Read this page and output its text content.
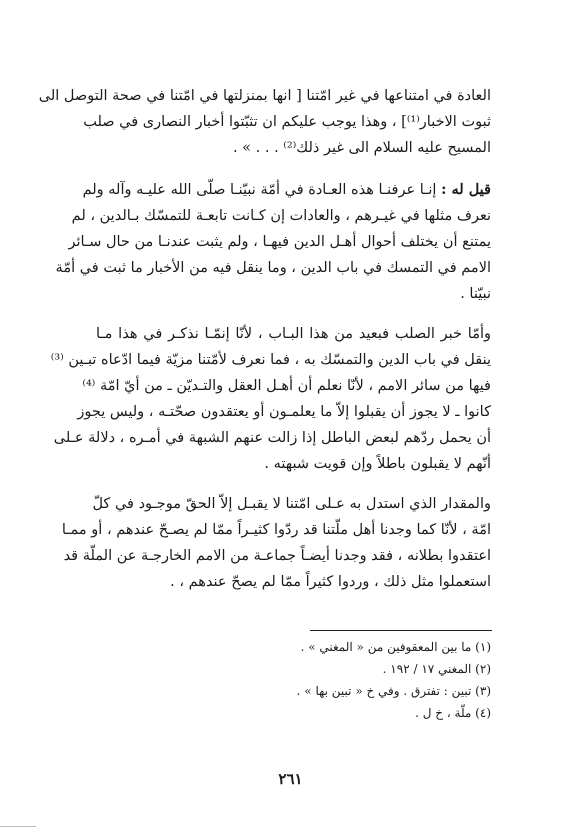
العادة في امتناعها في غير امّتنا [ انها بمنزلتها في امّتنا في صحة التوصل الى
ثبوت الاخبار⁽¹⁾] ، وهذا يوجب عليكم ان تثبّتوا أخبار النصارى في صلب
المسيح عليه السلام الى غير ذلك⁽²⁾ . . . » .
قيل له : إنـا عرفنـا هذه العـادة في أمّة نبيّنـا صلّى الله عليـه وآله ولم
نعرف مثلها في غيـرهم ، والعادات إن كـانت تابعـة للتمسّك بـالدين ، لم
يمتنع أن يختلف أحوال أهـل الدين فيهـا ، ولم يثبت عندنـا من حال سـائر
الامم في التمسك في باب الدين ، وما ينقل فيه من الأخبار ما ثبت في أمّة
نبيّنا .
وأمّا خبر الصلب فبعيد من هذا البـاب ، لأنّا إنمّـا نذكـر في هذا مـا
ينقل في باب الدين والتمسّك به ، فما نعرف لأمّتنا مزيّة فيما ادّعاه تبـين ⁽³⁾
فيها من سائر الامم ، لأنّا نعلم أن أهـل العقل والتـديّن ـ من أيّ امّة ⁽⁴⁾
كانوا ـ لا يجوز أن يقبلوا إلاّ ما يعلمـون أو يعتقدون صحّتـه ، وليس يجوز
أن يحمل ردّهم لبعض الباطل إذا زالت عنهم الشبهة في أمـره ، دلالة عـلى
أنّهم لا يقبلون باطلاً وإن قويت شبهته .
والمقدار الذي استدل به عـلى امّتنا لا يقبـل إلاّ الحقّ موجـود في كلّ
امّة ، لأنّا كما وجدنا أهل ملّتنا قد ردّوا كثيـراً ممّا لم يصـحّ عندهم ، أو ممـا
اعتقدوا بطلانه ، فقد وجدنا أيضـاً جماعـة من الامم الخارجـة عن الملّة قد
استعملوا مثل ذلك ، وردوا كثيراً ممّا لم يصحّ عندهم ، .
(١) ما بين المعقوفين من « المغني » .
(٢) المغني ١٧ / ١٩٢ .
(٣) تبين : تفترق . وفي خ « تبين بها » .
(٤) ملّة ، خ ل .
٢٦١
